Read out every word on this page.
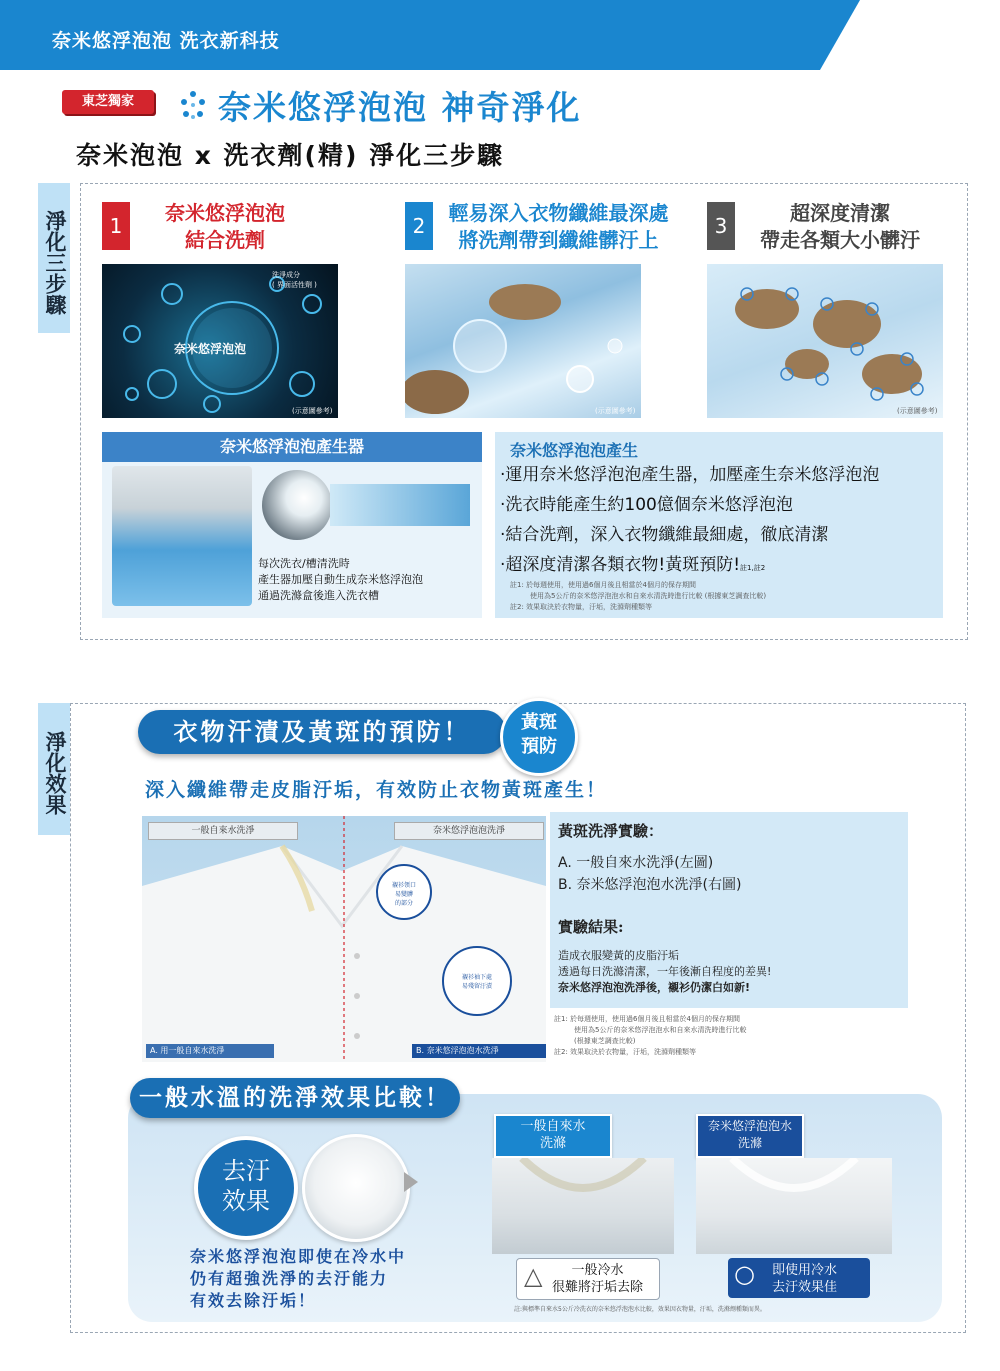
奈米悠浮泡泡 洗衣新科技
東芝獨家	奈米悠浮泡泡 神奇淨化
奈米泡泡 x 洗衣劑(精) 淨化三步驟
淨化三步驟	1
奈米悠浮泡泡
結合洗劑
2
輕易深入衣物纖維最深處
將洗劑帶到纖維髒汙上
3
超深度清潔
帶走各類大小髒汙
奈米悠浮泡泡
洗淨成分
( 界面活性劑 )
(示意圖參考)	(示意圖參考)	(示意圖參考)
奈米悠浮泡泡產生器
每次洗衣/槽清洗時
產生器加壓自動生成奈米悠浮泡泡
通過洗滌盒後進入洗衣槽
奈米悠浮泡泡產生
‧運用奈米悠浮泡泡產生器，加壓產生奈米悠浮泡泡
‧洗衣時能產生約100億個奈米悠浮泡泡
‧結合洗劑，深入衣物纖維最細處，徹底清潔
‧超深度清潔各類衣物!黃斑預防!註1,註2
註1: 於每週使用，使用過6個月後且相當於4個月的保存期間
使用為5公斤的奈米悠浮泡泡水和自來水清洗時進行比較 (根據東芝調查比較)
註2: 效果取決於衣物量，汙垢，洗滌劑種類等
淨化效果	衣物汗漬及黃斑的預防！	黃斑
預防
深入纖維帶走皮脂汙垢，有效防止衣物黃斑產生！
一般自來水洗淨	奈米悠浮泡泡洗淨
襯衫領口
易變髒
的部分
襯衫袖下處
易殘留汙漬
A. 用一般自來水洗淨	B. 奈米悠浮泡泡水洗淨
黃斑洗淨實驗：
A. 一般自來水洗淨(左圖)
B. 奈米悠浮泡泡水洗淨(右圖)
實驗結果:
造成衣服變黃的皮脂汙垢
透過每日洗滌清潔，一年後漸自程度的差異!
奈米悠浮泡泡洗淨後，襯衫仍潔白如新!
註1: 於每週使用，使用過6個月後且相當於4個月的保存期間
使用為5公斤的奈米悠浮泡泡水和自來水清洗時進行比較
(根據東芝調查比較)
註2: 效果取決於衣物量，汙垢，洗滌劑種類等
一般水溫的洗淨效果比較！
去汙
效果
奈米悠浮泡泡即使在冷水中
仍有超強洗淨的去汙能力
有效去除汙垢！
一般自來水
洗滌
奈米悠浮泡泡水
洗滌
△	一般冷水
很難將汙垢去除	○ 即使用冷水
去汙效果佳
註:與標準自來水5公斤冷洗衣的奈米悠浮泡泡水比較，效果因衣物量，汙垢，洗滌劑種類而異。
